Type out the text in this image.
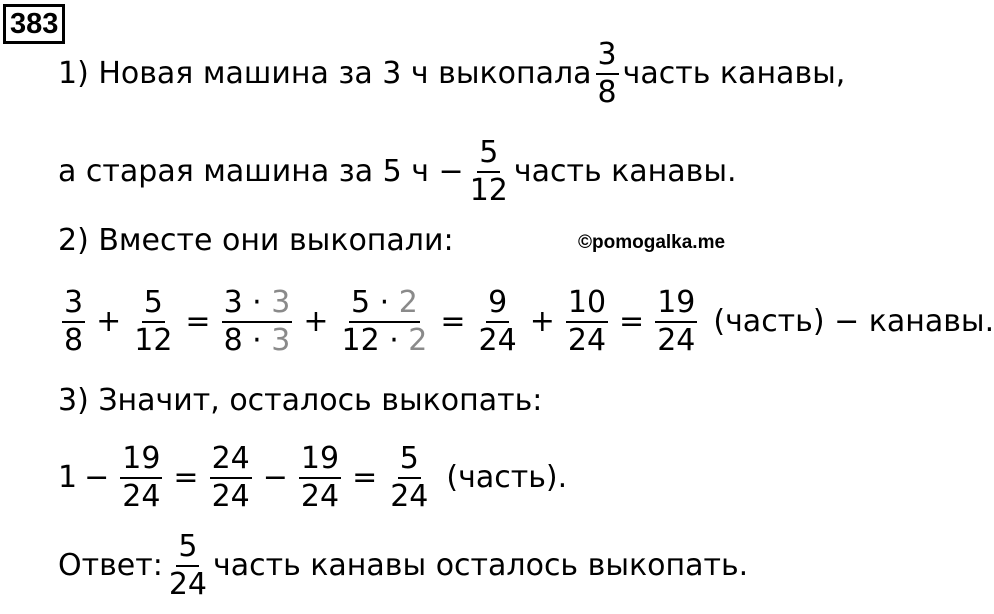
383
©pomogalka.me
1) Новая машина за 3 ч выкопала $\frac{3}{8}$ часть канавы,
а старая машина за 5 $ч - \frac{5}{12}$ часть канавы.
2) Вместе они выкопали:
$\frac{3}{8} + \frac{5}{12} = \frac{3 \cdot 3}{8 \cdot 3} + \frac{5 \cdot 2}{12 \cdot 2} = \frac{9}{24} + \frac{10}{24} = \frac{19}{24}$ (часть) − канавы.
3) Значит, осталось выкопать:
$1 - \frac{19}{24} = \frac{24}{24} - \frac{19}{24} = \frac{5}{24}$ (часть).
Ответ: $\frac{5}{24}$ часть канавы осталось выкопать.
